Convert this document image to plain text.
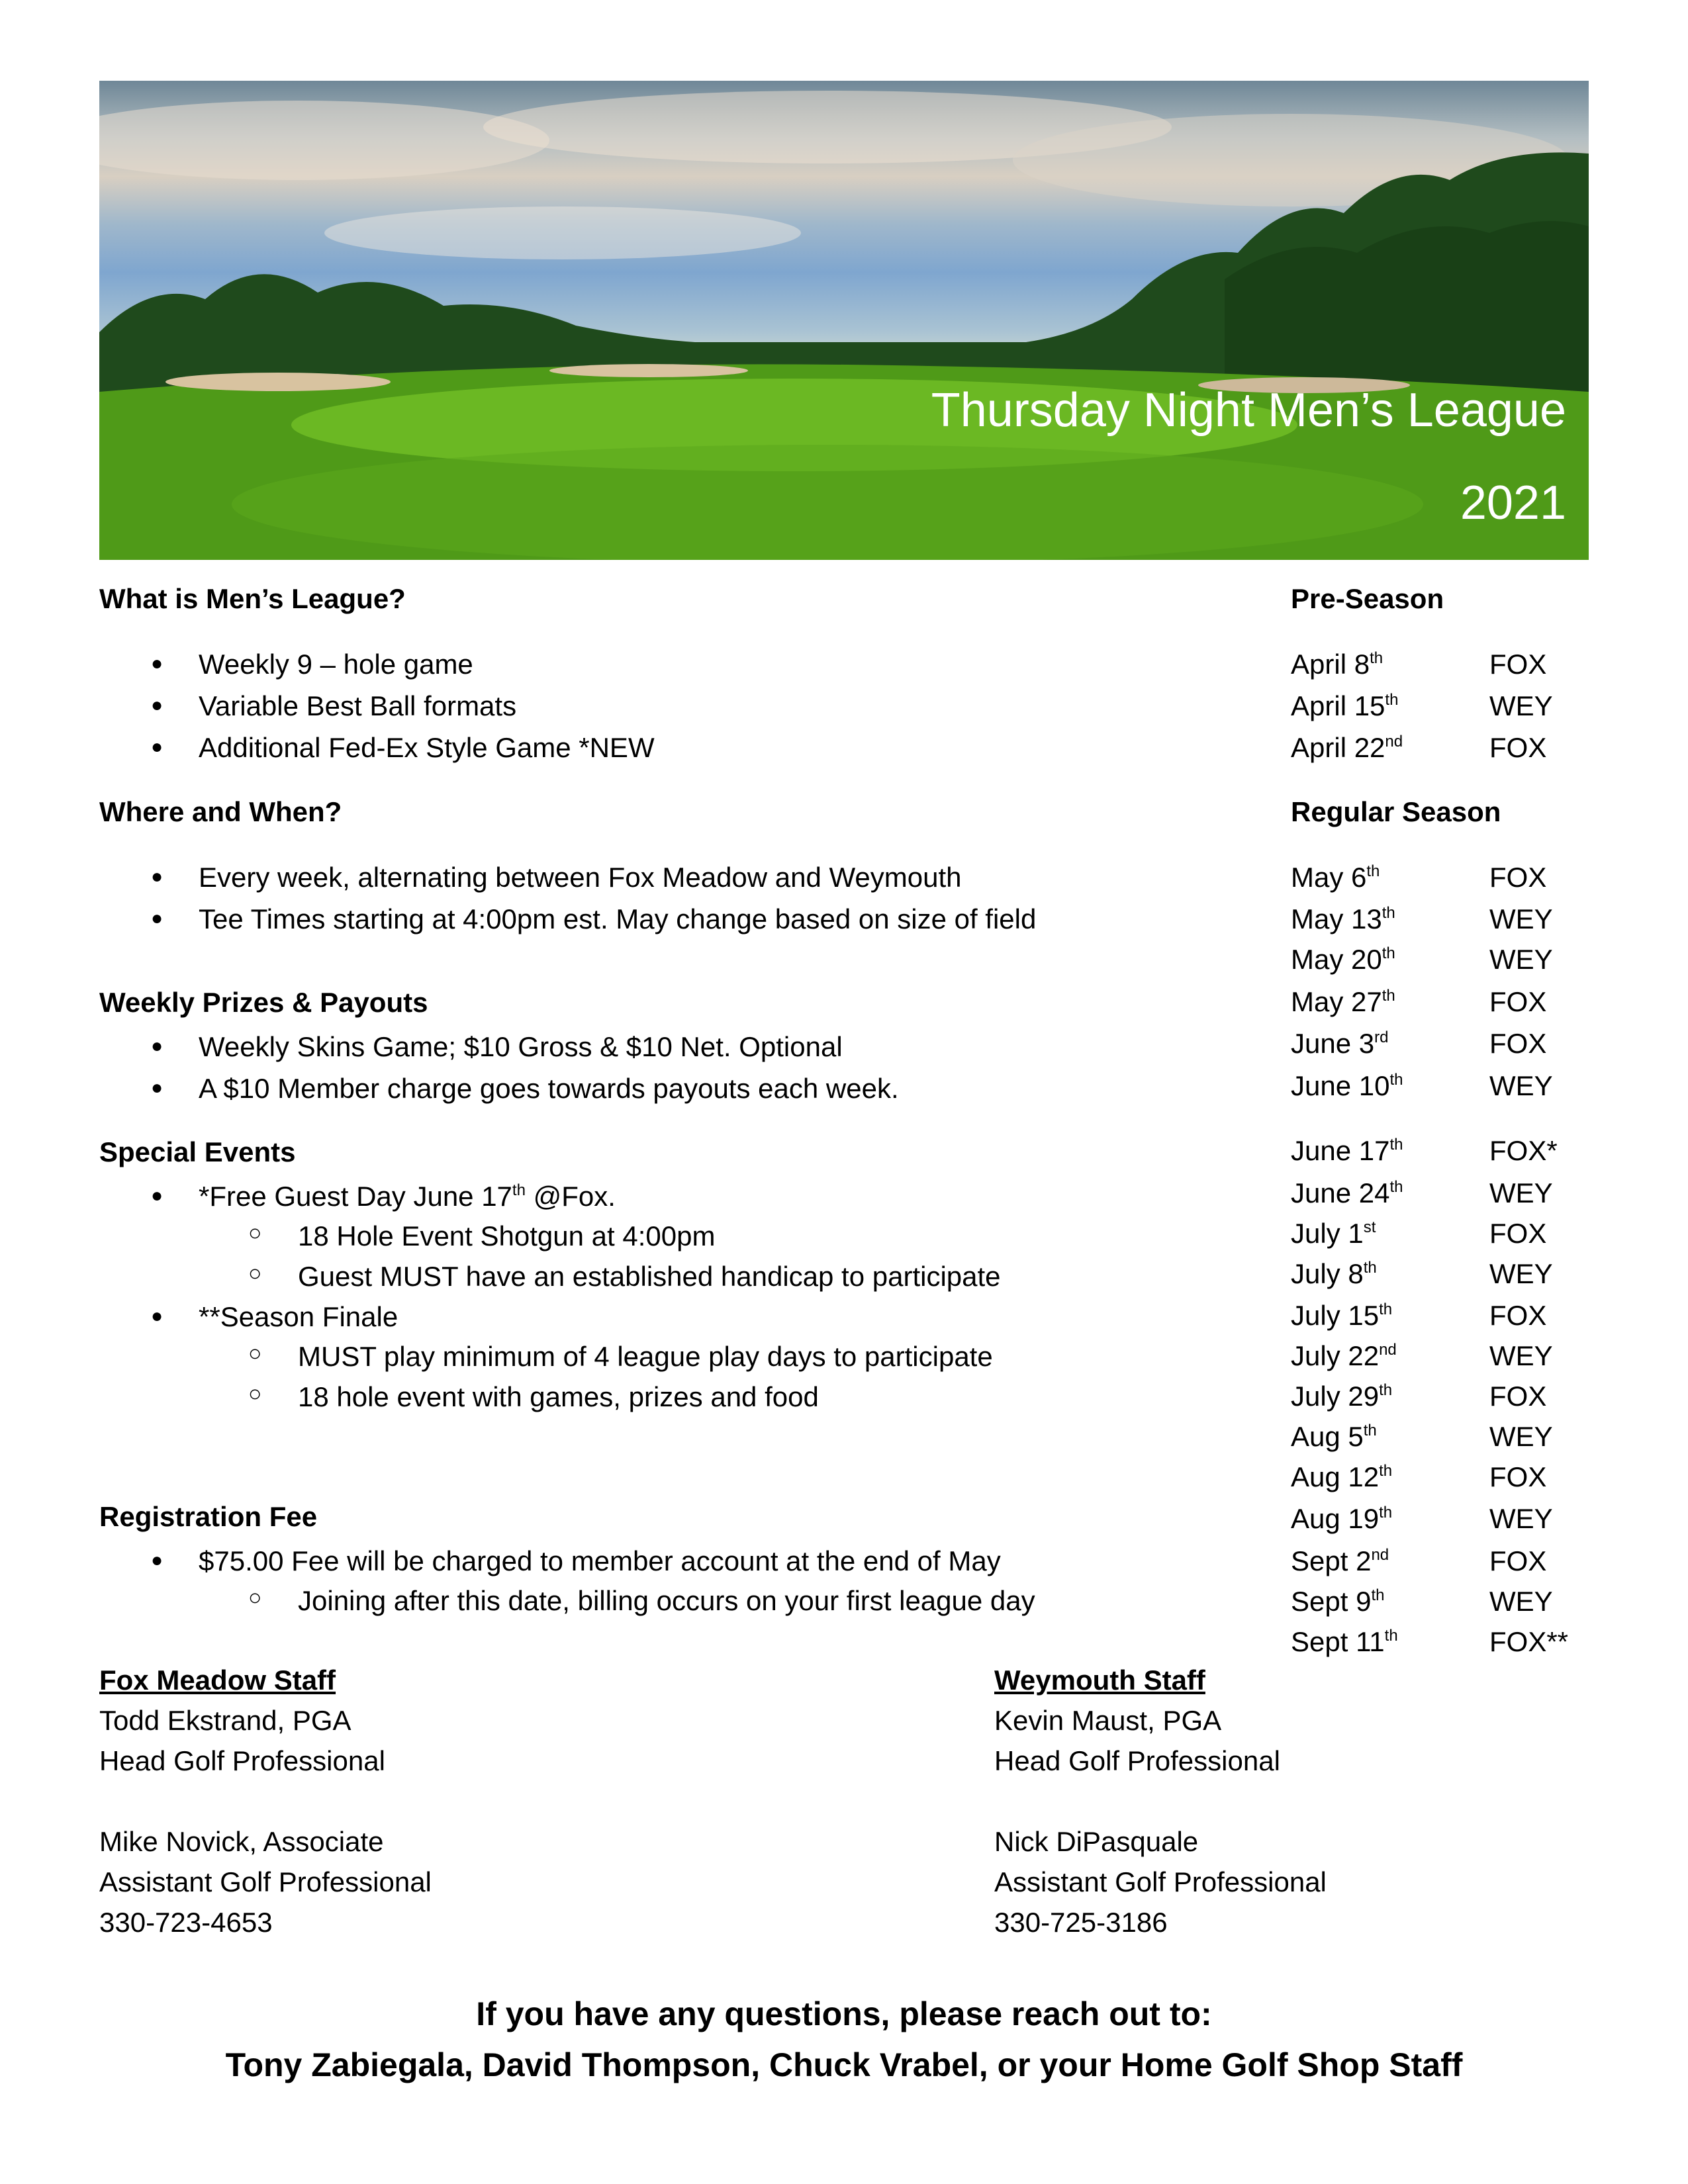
Thursday Night Men’s League
2021
What is Men’s League?
● Weekly 9 – hole game
● Variable Best Ball formats
● Additional Fed-Ex Style Game *NEW
Where and When?
● Every week, alternating between Fox Meadow and Weymouth
● Tee Times starting at 4:00pm est. May change based on size of field
Weekly Prizes & Payouts
● Weekly Skins Game; $10 Gross & $10 Net. Optional
● A $10 Member charge goes towards payouts each week.
Special Events
● *Free Guest Day June 17th @Fox.
○ 18 Hole Event Shotgun at 4:00pm
○ Guest MUST have an established handicap to participate
● **Season Finale
○ MUST play minimum of 4 league play days to participate
○ 18 hole event with games, prizes and food
Registration Fee
● $75.00 Fee will be charged to member account at the end of May
○ Joining after this date, billing occurs on your first league day
Pre-Season
Regular Season
April 8th	FOX
April 15th	WEY
April 22nd	FOX
May 6th	FOX
May 13th	WEY
May 20th	WEY
May 27th	FOX
June 3rd	FOX
June 10th	WEY
June 17th	FOX*
June 24th	WEY
July 1st	FOX
July 8th	WEY
July 15th	FOX
July 22nd	WEY
July 29th	FOX
Aug 5th	WEY
Aug 12th	FOX
Aug 19th	WEY
Sept 2nd	FOX
Sept 9th	WEY
Sept 11th	FOX**
Fox Meadow Staff
Todd Ekstrand, PGA
Head Golf Professional
Mike Novick, Associate
Assistant Golf Professional
330-723-4653
Weymouth Staff
Kevin Maust, PGA
Head Golf Professional
Nick DiPasquale
Assistant Golf Professional
330-725-3186
If you have any questions, please reach out to:
Tony Zabiegala, David Thompson, Chuck Vrabel, or your Home Golf Shop Staff
